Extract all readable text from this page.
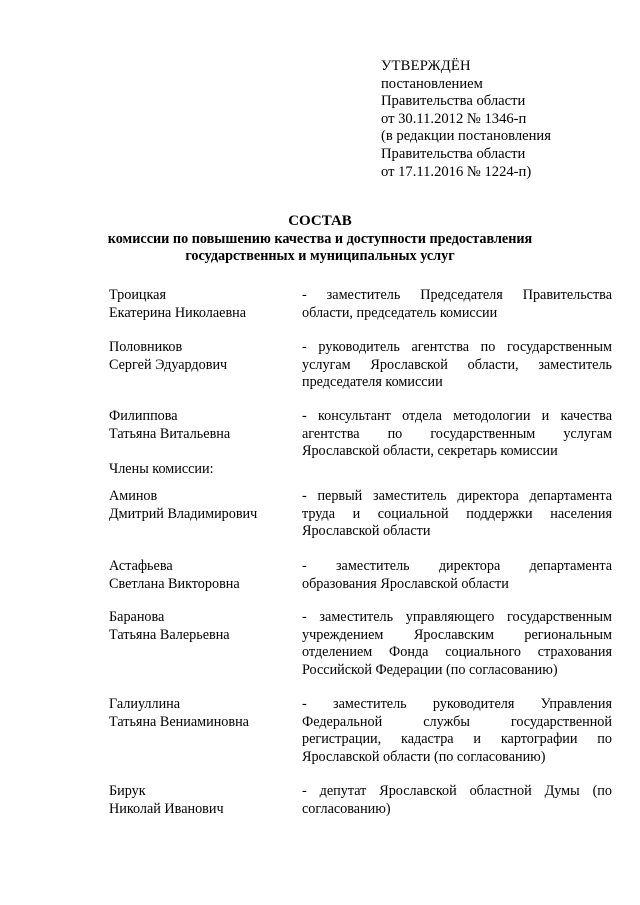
УТВЕРЖДЁН
постановлением
Правительства области
от 30.11.2012 № 1346-п
(в редакции постановления
Правительства области
от 17.11.2016 № 1224-п)
СОСТАВ
комиссии по повышению качества и доступности предоставления
государственных и муниципальных услуг
Троицкая
Екатерина Николаевна
- заместитель Председателя Правительства области, председатель комиссии
Половников
Сергей Эдуардович
- руководитель агентства по государственным услугам Ярославской области, заместитель председателя комиссии
Филиппова
Татьяна Витальевна
- консультант отдела методологии и качества агентства по государственным услугам Ярославской области, секретарь комиссии
Члены комиссии:
Аминов
Дмитрий Владимирович
- первый заместитель директора департамента труда и социальной поддержки населения Ярославской области
Астафьева
Светлана Викторовна
- заместитель директора департамента образования Ярославской области
Баранова
Татьяна Валерьевна
- заместитель управляющего государственным учреждением Ярославским региональным отделением Фонда социального страхования Российской Федерации (по согласованию)
Галиуллина
Татьяна Вениаминовна
- заместитель руководителя Управления Федеральной службы государственной регистрации, кадастра и картографии по Ярославской области (по согласованию)
Бирук
Николай Иванович
- депутат Ярославской областной Думы (по согласованию)
